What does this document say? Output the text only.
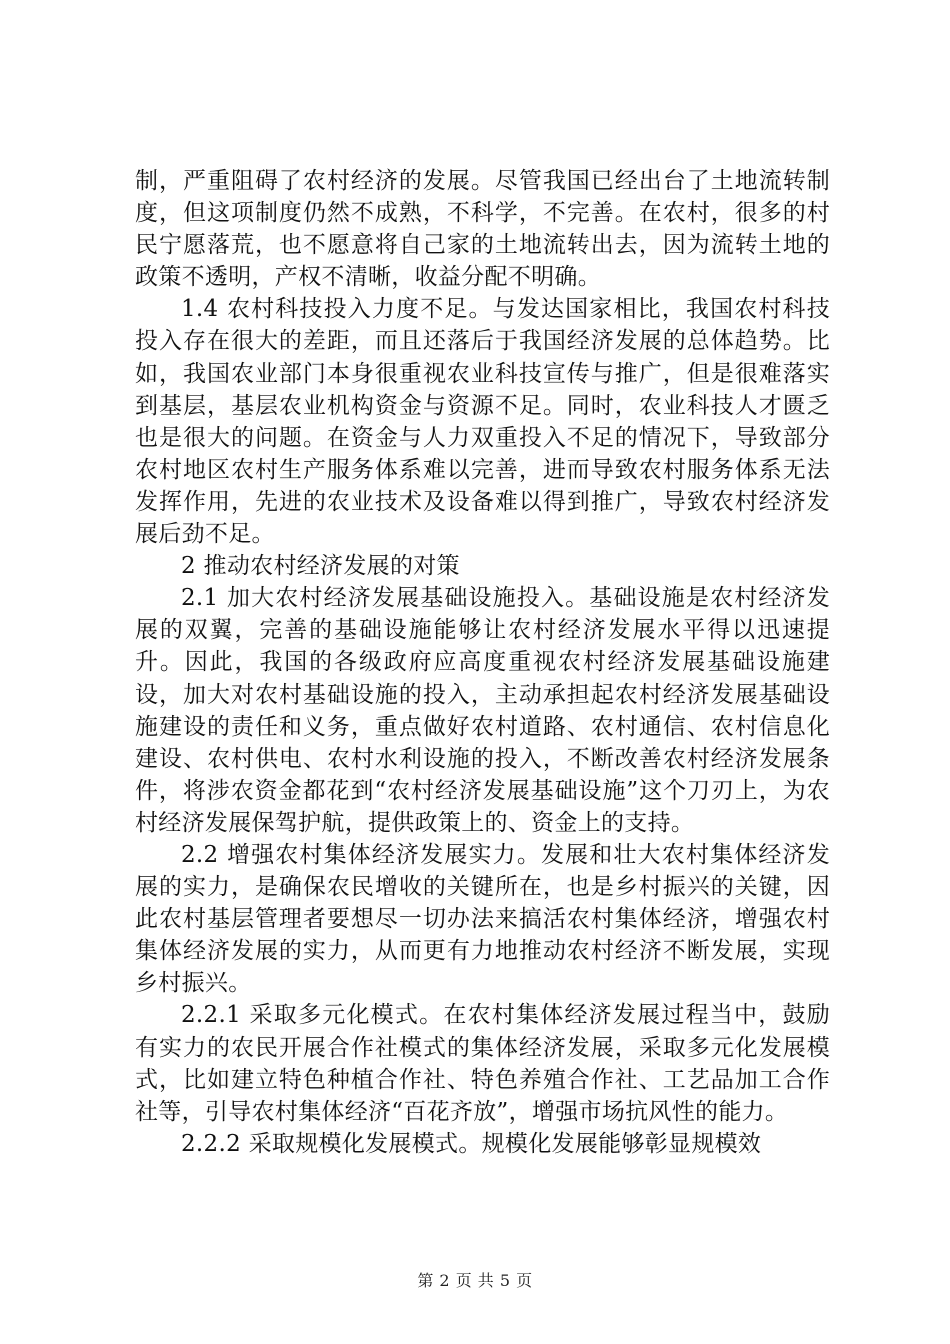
制，严重阻碍了农村经济的发展。尽管我国已经出台了土地流转制度，但这项制度仍然不成熟，不科学，不完善。在农村，很多的村民宁愿落荒，也不愿意将自己家的土地流转出去，因为流转土地的政策不透明，产权不清晰，收益分配不明确。

1.4 农村科技投入力度不足。与发达国家相比，我国农村科技投入存在很大的差距，而且还落后于我国经济发展的总体趋势。比如，我国农业部门本身很重视农业科技宣传与推广，但是很难落实到基层，基层农业机构资金与资源不足。同时，农业科技人才匮乏也是很大的问题。在资金与人力双重投入不足的情况下，导致部分农村地区农村生产服务体系难以完善，进而导致农村服务体系无法发挥作用，先进的农业技术及设备难以得到推广，导致农村经济发展后劲不足。

2 推动农村经济发展的对策

2.1 加大农村经济发展基础设施投入。基础设施是农村经济发展的双翼，完善的基础设施能够让农村经济发展水平得以迅速提升。因此，我国的各级政府应高度重视农村经济发展基础设施建设，加大对农村基础设施的投入，主动承担起农村经济发展基础设施建设的责任和义务，重点做好农村道路、农村通信、农村信息化建设、农村供电、农村水利设施的投入，不断改善农村经济发展条件，将涉农资金都花到“农村经济发展基础设施”这个刀刃上，为农村经济发展保驾护航，提供政策上的、资金上的支持。

2.2 增强农村集体经济发展实力。发展和壮大农村集体经济发展的实力，是确保农民增收的关键所在，也是乡村振兴的关键，因此农村基层管理者要想尽一切办法来搞活农村集体经济，增强农村集体经济发展的实力，从而更有力地推动农村经济不断发展，实现乡村振兴。

2.2.1 采取多元化模式。在农村集体经济发展过程当中，鼓励有实力的农民开展合作社模式的集体经济发展，采取多元化发展模式，比如建立特色种植合作社、特色养殖合作社、工艺品加工合作社等，引导农村集体经济“百花齐放”，增强市场抗风性的能力。

2.2.2 采取规模化发展模式。规模化发展能够彰显规模效

第 2 页 共 5 页
